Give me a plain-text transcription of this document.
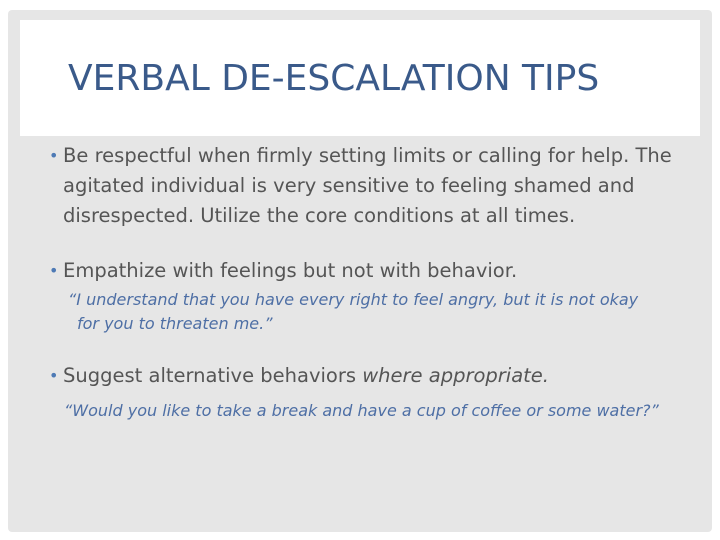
VERBAL DE-ESCALATION TIPS
• Be respectful when firmly setting limits or calling for help. The
agitated individual is very sensitive to feeling shamed and
disrespected. Utilize the core conditions at all times.
• Empathize with feelings but not with behavior.
“I understand that you have every right to feel angry, but it is not okay
for you to threaten me.”
• Suggest alternative behaviors where appropriate.
“Would you like to take a break and have a cup of coffee or some water?”
